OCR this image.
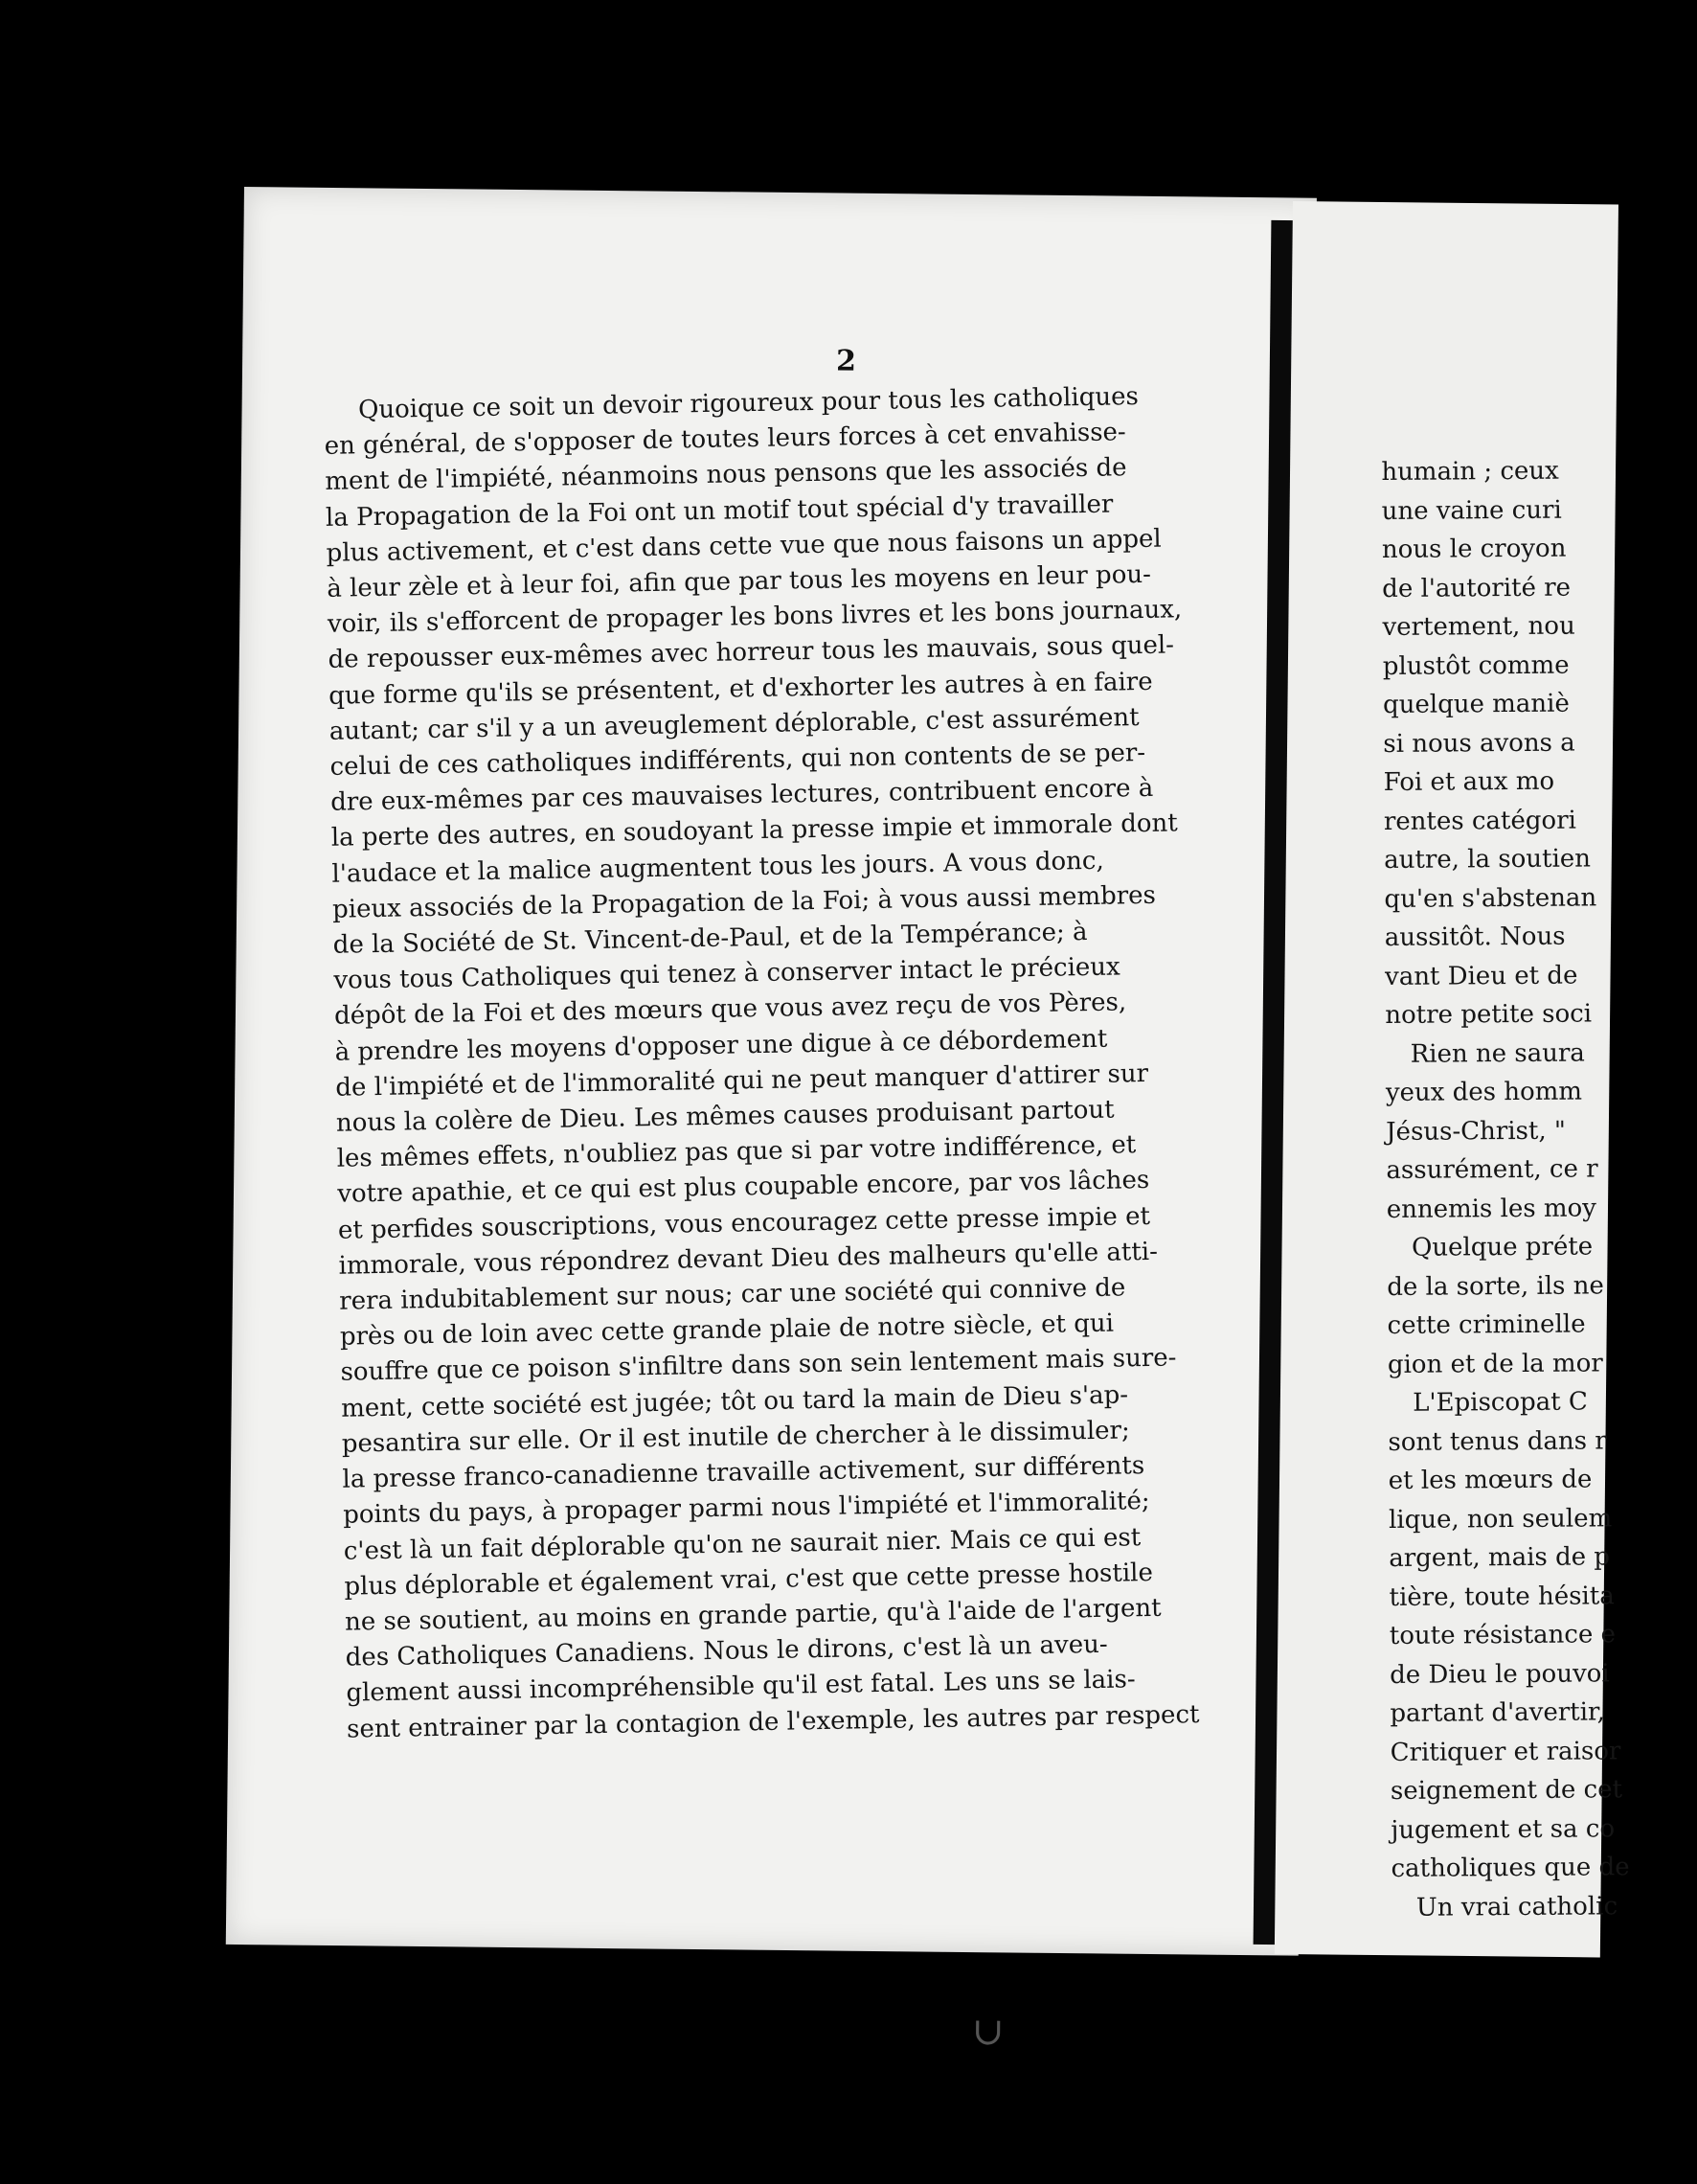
2
Quoique ce soit un devoir rigoureux pour tous les catholiques
en général, de s'opposer de toutes leurs forces à cet envahisse-
ment de l'impiété, néanmoins nous pensons que les associés de
la Propagation de la Foi ont un motif tout spécial d'y travailler
plus activement, et c'est dans cette vue que nous faisons un appel
à leur zèle et à leur foi, afin que par tous les moyens en leur pou-
voir, ils s'efforcent de propager les bons livres et les bons journaux,
de repousser eux-mêmes avec horreur tous les mauvais, sous quel-
que forme qu'ils se présentent, et d'exhorter les autres à en faire
autant; car s'il y a un aveuglement déplorable, c'est assurément
celui de ces catholiques indifférents, qui non contents de se per-
dre eux-mêmes par ces mauvaises lectures, contribuent encore à
la perte des autres, en soudoyant la presse impie et immorale dont
l'audace et la malice augmentent tous les jours. A vous donc,
pieux associés de la Propagation de la Foi; à vous aussi membres
de la Société de St. Vincent-de-Paul, et de la Tempérance; à
vous tous Catholiques qui tenez à conserver intact le précieux
dépôt de la Foi et des mœurs que vous avez reçu de vos Pères,
à prendre les moyens d'opposer une digue à ce débordement
de l'impiété et de l'immoralité qui ne peut manquer d'attirer sur
nous la colère de Dieu. Les mêmes causes produisant partout
les mêmes effets, n'oubliez pas que si par votre indifférence, et
votre apathie, et ce qui est plus coupable encore, par vos lâches
et perfides souscriptions, vous encouragez cette presse impie et
immorale, vous répondrez devant Dieu des malheurs qu'elle atti-
rera indubitablement sur nous; car une société qui connive de
près ou de loin avec cette grande plaie de notre siècle, et qui
souffre que ce poison s'infiltre dans son sein lentement mais sure-
ment, cette société est jugée; tôt ou tard la main de Dieu s'ap-
pesantira sur elle. Or il est inutile de chercher à le dissimuler;
la presse franco-canadienne travaille activement, sur différents
points du pays, à propager parmi nous l'impiété et l'immoralité;
c'est là un fait déplorable qu'on ne saurait nier. Mais ce qui est
plus déplorable et également vrai, c'est que cette presse hostile
ne se soutient, au moins en grande partie, qu'à l'aide de l'argent
des Catholiques Canadiens. Nous le dirons, c'est là un aveu-
glement aussi incompréhensible qu'il est fatal. Les uns se lais-
sent entrainer par la contagion de l'exemple, les autres par respect
∪
humain ; ceux
une vaine curi
nous le croyon
de l'autorité re
vertement, nou
plustôt comme
quelque maniè
si nous avons a
Foi et aux mo
rentes catégori
autre, la soutien
qu'en s'abstenan
aussitôt. Nous
vant Dieu et de
notre petite soci
Rien ne saura
yeux des homm
Jésus-Christ, "
assurément, ce r
ennemis les moy
Quelque préte
de la sorte, ils ne
cette criminelle
gion et de la mor
L'Episcopat C
sont tenus dans r
et les mœurs de
lique, non seulem
argent, mais de p
tière, toute hésita
toute résistance e
de Dieu le pouvoi
partant d'avertir,
Critiquer et raisor
seignement de cet
jugement et sa co
catholiques que de
Un vrai catholic
